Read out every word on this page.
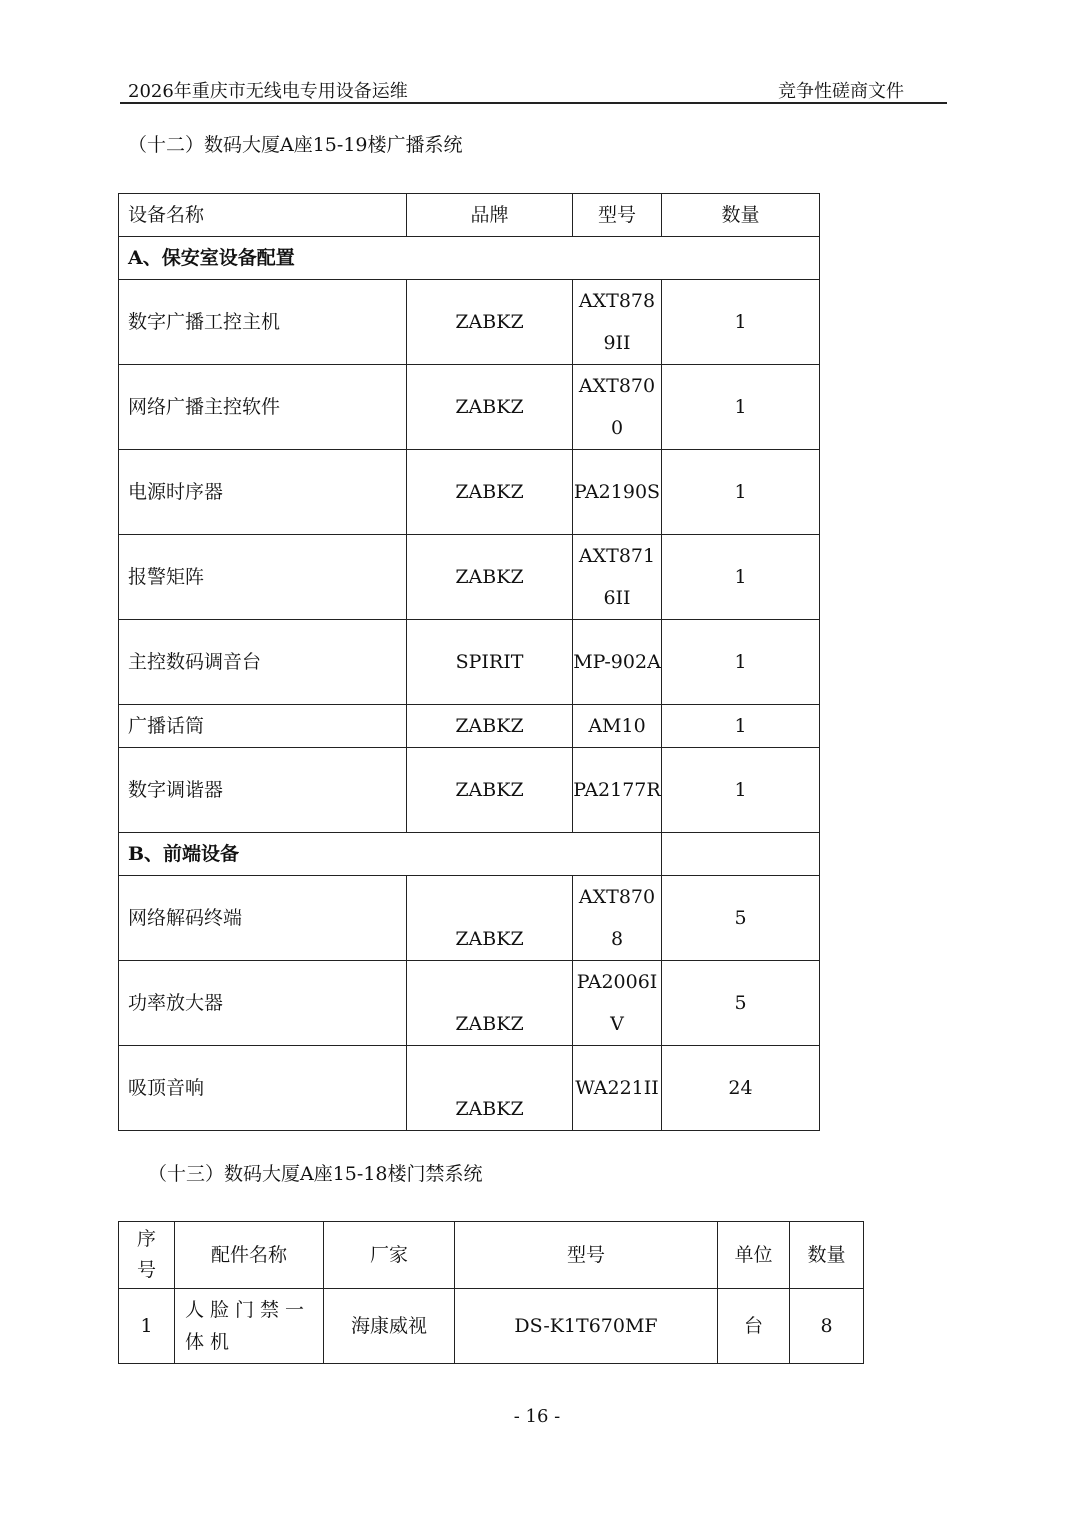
2026年重庆市无线电专用设备运维	竞争性磋商文件
（十二）数码大厦A座15-19楼广播系统
设备名称	品牌	型号	数量
A、保安室设备配置			
数字广播工控主机	ZABKZ	AXT8789II	1
网络广播主控软件	ZABKZ	AXT8700	1
电源时序器	ZABKZ	PA2190S	1
报警矩阵	ZABKZ	AXT8716II	1
主控数码调音台	SPIRIT	MP-902A	1
广播话筒	ZABKZ	AM10	1
数字调谐器	ZABKZ	PA2177R	1
B、前端设备			
网络解码终端	ZABKZ	AXT8708	5
功率放大器	ZABKZ	PA2006IV	5
吸顶音响	ZABKZ	WA221II	24
（十三）数码大厦A座15-18楼门禁系统
序号	配件名称	厂家	型号	单位	数量
1	人脸门禁一体机	海康威视	DS-K1T670MF	台	8
- 16 -
